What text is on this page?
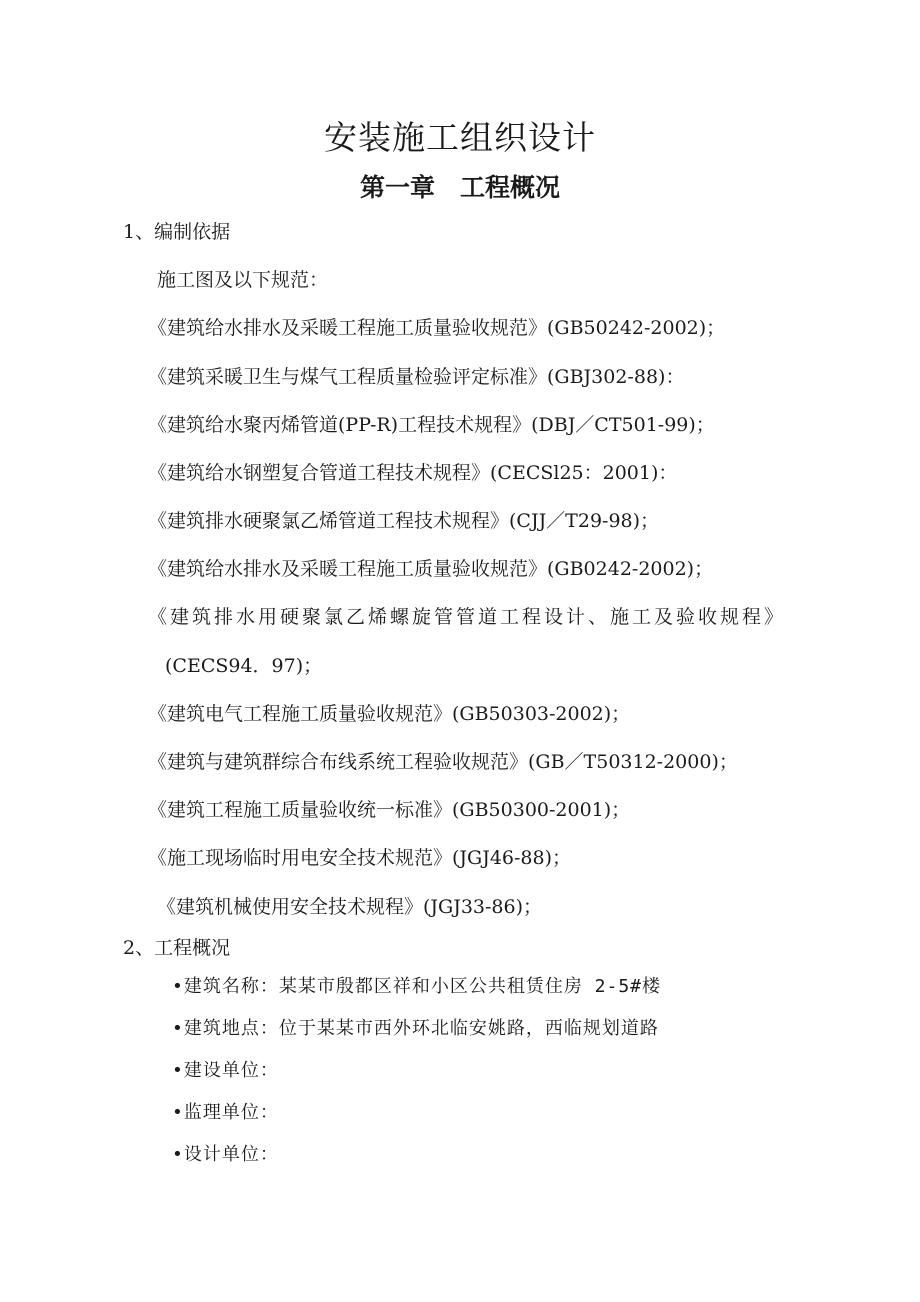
安装施工组织设计
第一章　工程概况
1、编制依据
施工图及以下规范：
《建筑给水排水及采暖工程施工质量验收规范》(GB50242-2002)；
《建筑采暖卫生与煤气工程质量检验评定标准》(GBJ302-88)：
《建筑给水聚丙烯管道(PP-R)工程技术规程》(DBJ／CT501-99)；
《建筑给水钢塑复合管道工程技术规程》(CECSl25：2001)：
《建筑排水硬聚氯乙烯管道工程技术规程》(CJJ／T29-98)；
《建筑给水排水及采暖工程施工质量验收规范》(GB0242-2002)；
《建筑排水用硬聚氯乙烯螺旋管管道工程设计、施工及验收规程》
(CECS94．97)；
《建筑电气工程施工质量验收规范》(GB50303-2002)；
《建筑与建筑群综合布线系统工程验收规范》(GB／T50312-2000)；
《建筑工程施工质量验收统一标准》(GB50300-2001)；
《施工现场临时用电安全技术规范》(JGJ46-88)；
《建筑机械使用安全技术规程》(JGJ33-86)；
2、工程概况
•建筑名称：某某市殷都区祥和小区公共租赁住房 2-5#楼
•建筑地点：位于某某市西外环北临安姚路，西临规划道路
•建设单位：
•监理单位：
•设计单位：
